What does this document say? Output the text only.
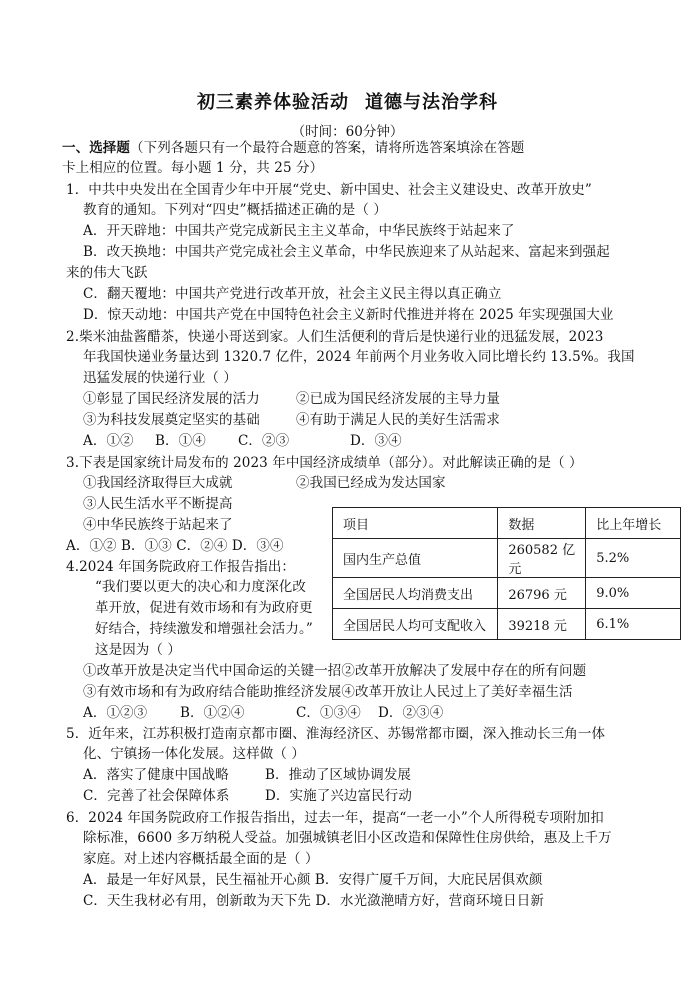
初三素养体验活动 道德与法治学科
（时间：60分钟）
一、选择题（下列各题只有一个最符合题意的答案，请将所选答案填涂在答题
卡上相应的位置。每小题 1 分，共 25 分）
1．中共中央发出在全国青少年中开展“党史、新中国史、社会主义建设史、改革开放史”
教育的通知。下列对“四史”概括描述正确的是（ ）
A．开天辟地：中国共产党完成新民主主义革命，中华民族终于站起来了
B．改天换地：中国共产党完成社会主义革命，中华民族迎来了从站起来、富起来到强起
来的伟大飞跃
C．翻天覆地：中国共产党进行改革开放，社会主义民主得以真正确立
D．惊天动地：中国共产党在中国特色社会主义新时代推进并将在 2025 年实现强国大业
2.柴米油盐酱醋茶，快递小哥送到家。人们生活便利的背后是快递行业的迅猛发展，2023
年我国快递业务量达到 1320.7 亿件，2024 年前两个月业务收入同比增长约 13.5%。我国
迅猛发展的快递行业（ ）
①彰显了国民经济发展的活力	②已成为国民经济发展的主导力量
③为科技发展奠定坚实的基础	④有助于满足人民的美好生活需求
A．①② B．①④ C．②③	D．③④
3.下表是国家统计局发布的 2023 年中国经济成绩单（部分）。对此解读正确的是（ ）
①我国经济取得巨大成就	②我国已经成为发达国家
③人民生活水平不断提高
④中华民族终于站起来了
A．①② B．①③ C．②④ D．③④
项目	数据	比上年增长
国内生产总值	260582 亿元	5.2%
全国居民人均消费支出	26796 元	9.0%
全国居民人均可支配收入	39218 元	6.1%
4.2024 年国务院政府工作报告指出：
“我们要以更大的决心和力度深化改
革开放，促进有效市场和有为政府更
好结合，持续激发和增强社会活力。”
这是因为（ ）
①改革开放是决定当代中国命运的关键一招②改革开放解决了发展中存在的所有问题
③有效市场和有为政府结合能助推经济发展④改革开放让人民过上了美好幸福生活
A．①②③ B．①②④	C．①③④ D．②③④
5．近年来，江苏积极打造南京都市圈、淮海经济区、苏锡常都市圈，深入推动长三角一体
化、宁镇扬一体化发展。这样做（ ）
A．落实了健康中国战略	B．推动了区域协调发展
C．完善了社会保障体系	D．实施了兴边富民行动
6．2024 年国务院政府工作报告指出，过去一年，提高“一老一小”个人所得税专项附加扣
除标准，6600 多万纳税人受益。加强城镇老旧小区改造和保障性住房供给，惠及上千万
家庭。对上述内容概括最全面的是（ ）
A．最是一年好风景，民生福祉开心颜 B．安得广厦千万间，大庇民居俱欢颜
C．天生我材必有用，创新敢为天下先 D．水光潋滟晴方好，营商环境日日新
